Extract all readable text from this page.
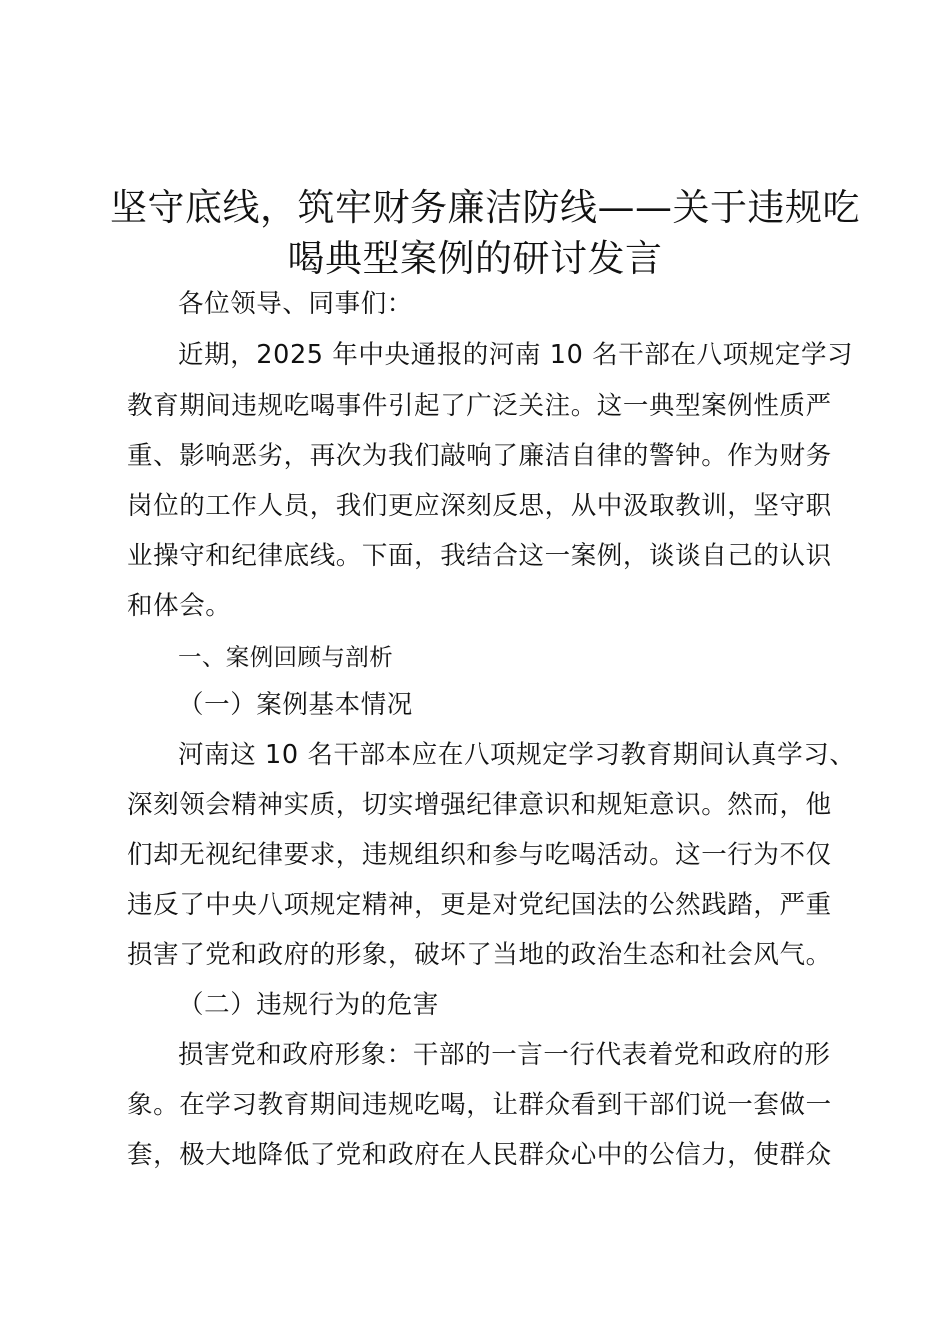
坚守底线，筑牢财务廉洁防线——关于违规吃
喝典型案例的研讨发言
各位领导、同事们：
近期，2025 年中央通报的河南 10 名干部在八项规定学习
教育期间违规吃喝事件引起了广泛关注。这一典型案例性质严
重、影响恶劣，再次为我们敲响了廉洁自律的警钟。作为财务
岗位的工作人员，我们更应深刻反思，从中汲取教训，坚守职
业操守和纪律底线。下面，我结合这一案例，谈谈自己的认识
和体会。
一、案例回顾与剖析
（一）案例基本情况
河南这 10 名干部本应在八项规定学习教育期间认真学习、
深刻领会精神实质，切实增强纪律意识和规矩意识。然而，他
们却无视纪律要求，违规组织和参与吃喝活动。这一行为不仅
违反了中央八项规定精神，更是对党纪国法的公然践踏，严重
损害了党和政府的形象，破坏了当地的政治生态和社会风气。
（二）违规行为的危害
损害党和政府形象：干部的一言一行代表着党和政府的形
象。在学习教育期间违规吃喝，让群众看到干部们说一套做一
套，极大地降低了党和政府在人民群众心中的公信力，使群众
